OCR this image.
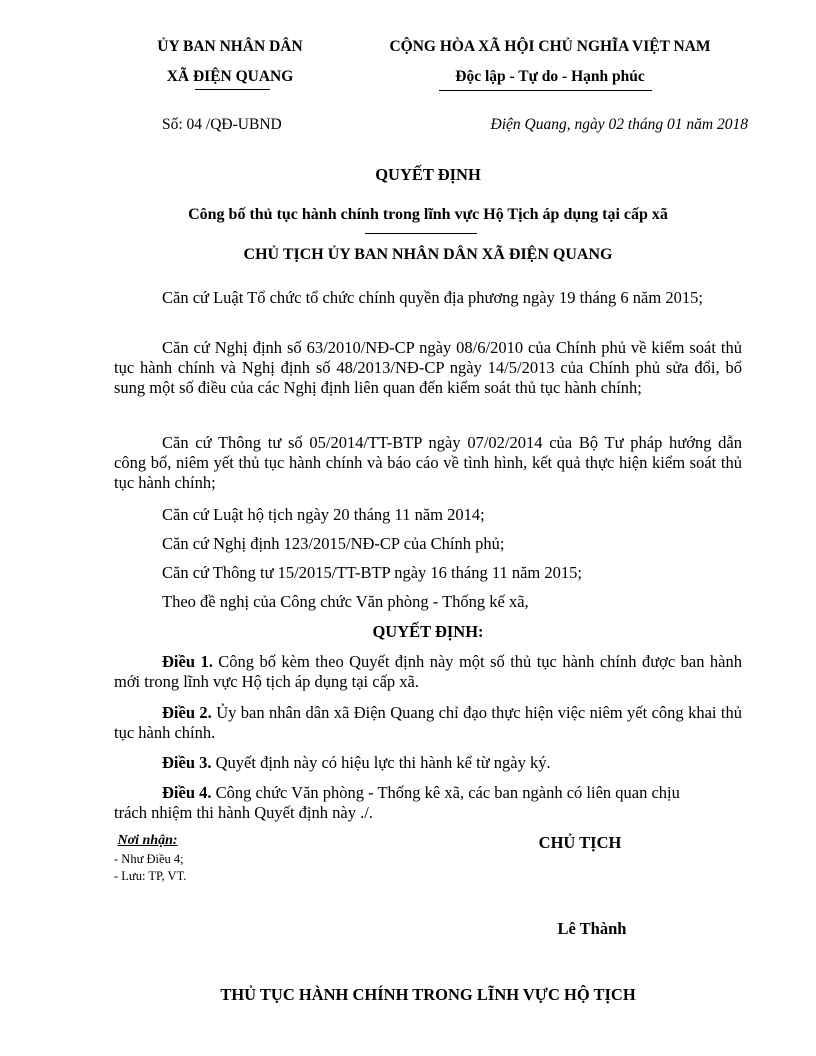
ỦY BAN NHÂN DÂN
XÃ ĐIỆN QUANG
CỘNG HÒA XÃ HỘI CHỦ NGHĨA VIỆT NAM
Độc lập - Tự do - Hạnh phúc
Số: 04 /QĐ-UBND	Điện Quang, ngày 02 tháng 01 năm 2018
QUYẾT ĐỊNH
Công bố thủ tục hành chính trong lĩnh vực Hộ Tịch áp dụng tại cấp xã
CHỦ TỊCH ỦY BAN NHÂN DÂN XÃ ĐIỆN QUANG
Căn cứ Luật Tổ chức tổ chức chính quyền địa phương ngày 19 tháng 6 năm 2015;
Căn cứ Nghị định số 63/2010/NĐ-CP ngày 08/6/2010 của Chính phủ về kiểm soát thủ tục hành chính và Nghị định số 48/2013/NĐ-CP ngày 14/5/2013 của Chính phủ sửa đổi, bổ sung một số điều của các Nghị định liên quan đến kiểm soát thủ tục hành chính;
Căn cứ Thông tư số 05/2014/TT-BTP ngày 07/02/2014 của Bộ Tư pháp hướng dẫn công bố, niêm yết thủ tục hành chính và báo cáo về tình hình, kết quả thực hiện kiểm soát thủ tục hành chính;
Căn cứ Luật hộ tịch ngày 20 tháng 11 năm 2014;
Căn cứ Nghị định 123/2015/NĐ-CP của Chính phủ;
Căn cứ Thông tư 15/2015/TT-BTP ngày 16 tháng 11 năm 2015;
Theo đề nghị của Công chức Văn phòng - Thống kế xã,
QUYẾT ĐỊNH:
Điều 1. Công bố kèm theo Quyết định này một số thủ tục hành chính được ban hành mới trong lĩnh vực Hộ tịch áp dụng tại cấp xã.
Điều 2. Ủy ban nhân dân xã Điện Quang chỉ đạo thực hiện việc niêm yết công khai thủ tục hành chính.
Điều 3. Quyết định này có hiệu lực thi hành kể từ ngày ký.
Điều 4. Công chức Văn phòng - Thống kê xã, các ban ngành có liên quan chịu trách nhiệm thi hành Quyết định này ./.
Nơi nhận:
- Như Điều 4;
- Lưu: TP, VT.
CHỦ TỊCH
Lê Thành
THỦ TỤC HÀNH CHÍNH TRONG LĨNH VỰC HỘ TỊCH
